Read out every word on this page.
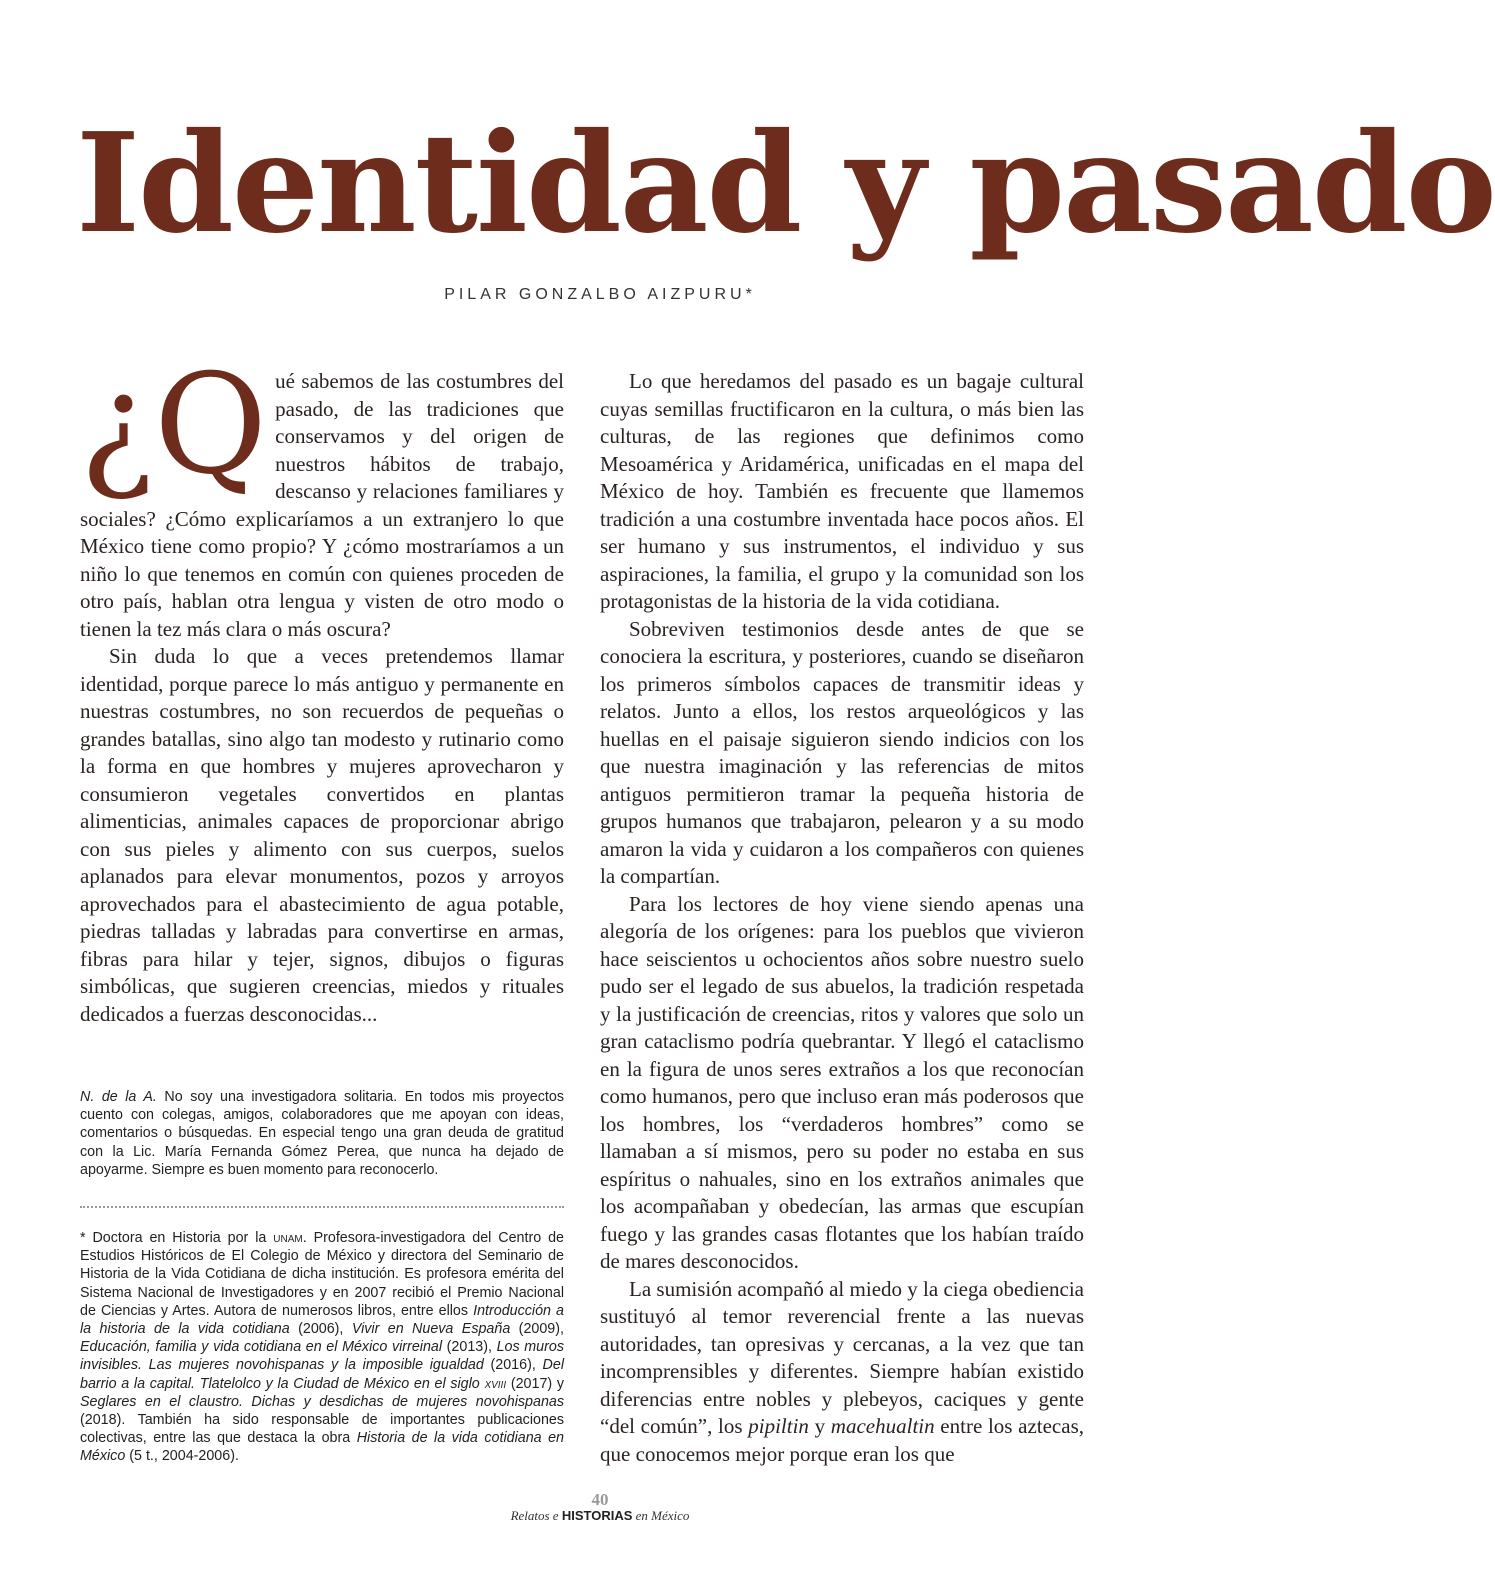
Identidad y pasado
PILAR GONZALBO AIZPURU*

¿Q ué sabemos de las costumbres del pasado, de las tradiciones que conservamos y del origen de nuestros hábitos de trabajo, descanso y relaciones familiares y sociales? ¿Cómo explicaríamos a un extranjero lo que México tiene como propio? Y ¿cómo mostraríamos a un niño lo que tenemos en común con quienes proceden de otro país, hablan otra lengua y visten de otro modo o tienen la tez más clara o más oscura?

Sin duda lo que a veces pretendemos llamar identidad, porque parece lo más antiguo y permanente en nuestras costumbres, no son recuerdos de pequeñas o grandes batallas, sino algo tan modesto y rutinario como la forma en que hombres y mujeres aprovecharon y consumieron vegetales convertidos en plantas alimenticias, animales capaces de proporcionar abrigo con sus pieles y alimento con sus cuerpos, suelos aplanados para elevar monumentos, pozos y arroyos aprovechados para el abastecimiento de agua potable, piedras talladas y labradas para convertirse en armas, fibras para hilar y tejer, signos, dibujos o figuras simbólicas, que sugieren creencias, miedos y rituales dedicados a fuerzas desconocidas...

N. de la A. No soy una investigadora solitaria. En todos mis proyectos cuento con colegas, amigos, colaboradores que me apoyan con ideas, comentarios o búsquedas. En especial tengo una gran deuda de gratitud con la Lic. María Fernanda Gómez Perea, que nunca ha dejado de apoyarme. Siempre es buen momento para reconocerlo.

* Doctora en Historia por la unam. Profesora-investigadora del Centro de Estudios Históricos de El Colegio de México y directora del Seminario de Historia de la Vida Cotidiana de dicha institución. Es profesora emérita del Sistema Nacional de Investigadores y en 2007 recibió el Premio Nacional de Ciencias y Artes. Autora de numerosos libros, entre ellos Introducción a la historia de la vida cotidiana (2006), Vivir en Nueva España (2009), Educación, familia y vida cotidiana en el México virreinal (2013), Los muros invisibles. Las mujeres novohispanas y la imposible igualdad (2016), Del barrio a la capital. Tlatelolco y la Ciudad de México en el siglo xviii (2017) y Seglares en el claustro. Dichas y desdichas de mujeres novohispanas (2018). También ha sido responsable de importantes publicaciones colectivas, entre las que destaca la obra Historia de la vida cotidiana en México (5 t., 2004-2006).

Lo que heredamos del pasado es un bagaje cultural cuyas semillas fructificaron en la cultura, o más bien las culturas, de las regiones que definimos como Mesoamérica y Aridamérica, unificadas en el mapa del México de hoy. También es frecuente que llamemos tradición a una costumbre inventada hace pocos años. El ser humano y sus instrumentos, el individuo y sus aspiraciones, la familia, el grupo y la comunidad son los protagonistas de la historia de la vida cotidiana.

Sobreviven testimonios desde antes de que se conociera la escritura, y posteriores, cuando se diseñaron los primeros símbolos capaces de transmitir ideas y relatos. Junto a ellos, los restos arqueológicos y las huellas en el paisaje siguieron siendo indicios con los que nuestra imaginación y las referencias de mitos antiguos permitieron tramar la pequeña historia de grupos humanos que trabajaron, pelearon y a su modo amaron la vida y cuidaron a los compañeros con quienes la compartían.

Para los lectores de hoy viene siendo apenas una alegoría de los orígenes: para los pueblos que vivieron hace seiscientos u ochocientos años sobre nuestro suelo pudo ser el legado de sus abuelos, la tradición respetada y la justificación de creencias, ritos y valores que solo un gran cataclismo podría quebrantar. Y llegó el cataclismo en la figura de unos seres extraños a los que reconocían como humanos, pero que incluso eran más poderosos que los hombres, los “verdaderos hombres” como se llamaban a sí mismos, pero su poder no estaba en sus espíritus o nahuales, sino en los extraños animales que los acompañaban y obedecían, las armas que escupían fuego y las grandes casas flotantes que los habían traído de mares desconocidos.

La sumisión acompañó al miedo y la ciega obediencia sustituyó al temor reverencial frente a las nuevas autoridades, tan opresivas y cercanas, a la vez que tan incomprensibles y diferentes. Siempre habían existido diferencias entre nobles y plebeyos, caciques y gente “del común”, los pipiltin y macehualtin entre los aztecas, que conocemos mejor porque eran los que

40
Relatos e HISTORIAS en México
